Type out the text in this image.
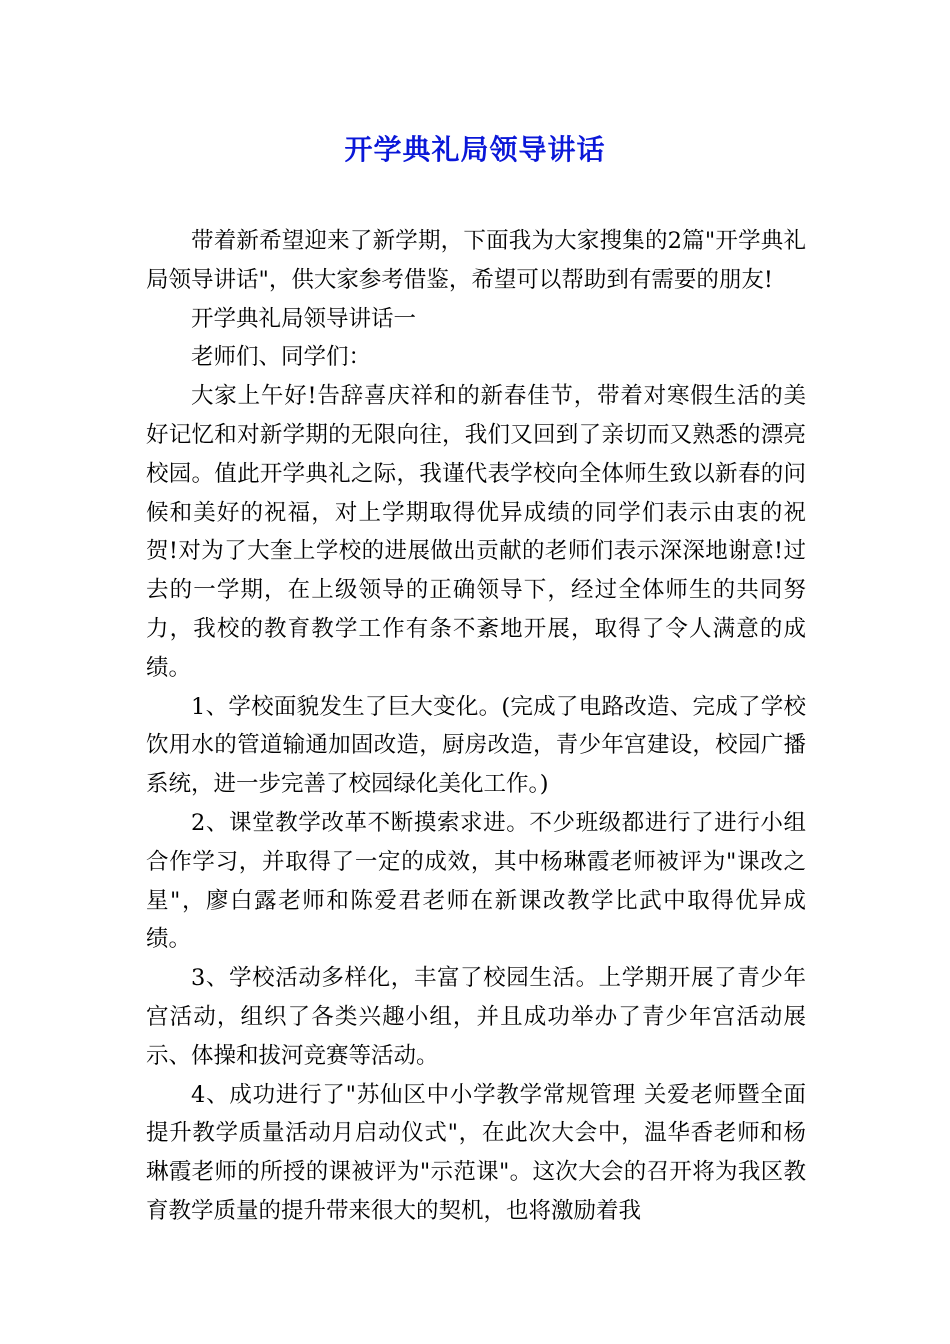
开学典礼局领导讲话

带着新希望迎来了新学期，下面我为大家搜集的2篇"开学典礼局领导讲话"，供大家参考借鉴，希望可以帮助到有需要的朋友!

开学典礼局领导讲话一

老师们、同学们：

大家上午好!告辞喜庆祥和的新春佳节，带着对寒假生活的美好记忆和对新学期的无限向往，我们又回到了亲切而又熟悉的漂亮校园。值此开学典礼之际，我谨代表学校向全体师生致以新春的问候和美好的祝福，对上学期取得优异成绩的同学们表示由衷的祝贺!对为了大奎上学校的进展做出贡献的老师们表示深深地谢意!过去的一学期，在上级领导的正确领导下，经过全体师生的共同努力，我校的教育教学工作有条不紊地开展，取得了令人满意的成绩。

1、学校面貌发生了巨大变化。(完成了电路改造、完成了学校饮用水的管道输通加固改造，厨房改造，青少年宫建设，校园广播系统，进一步完善了校园绿化美化工作。)

2、课堂教学改革不断摸索求进。不少班级都进行了进行小组合作学习，并取得了一定的成效，其中杨琳霞老师被评为"课改之星"，廖白露老师和陈爱君老师在新课改教学比武中取得优异成绩。

3、学校活动多样化，丰富了校园生活。上学期开展了青少年宫活动，组织了各类兴趣小组，并且成功举办了青少年宫活动展示、体操和拔河竞赛等活动。

4、成功进行了"苏仙区中小学教学常规管理 关爱老师暨全面提升教学质量活动月启动仪式"，在此次大会中，温华香老师和杨琳霞老师的所授的课被评为"示范课"。这次大会的召开将为我区教育教学质量的提升带来很大的契机，也将激励着我
